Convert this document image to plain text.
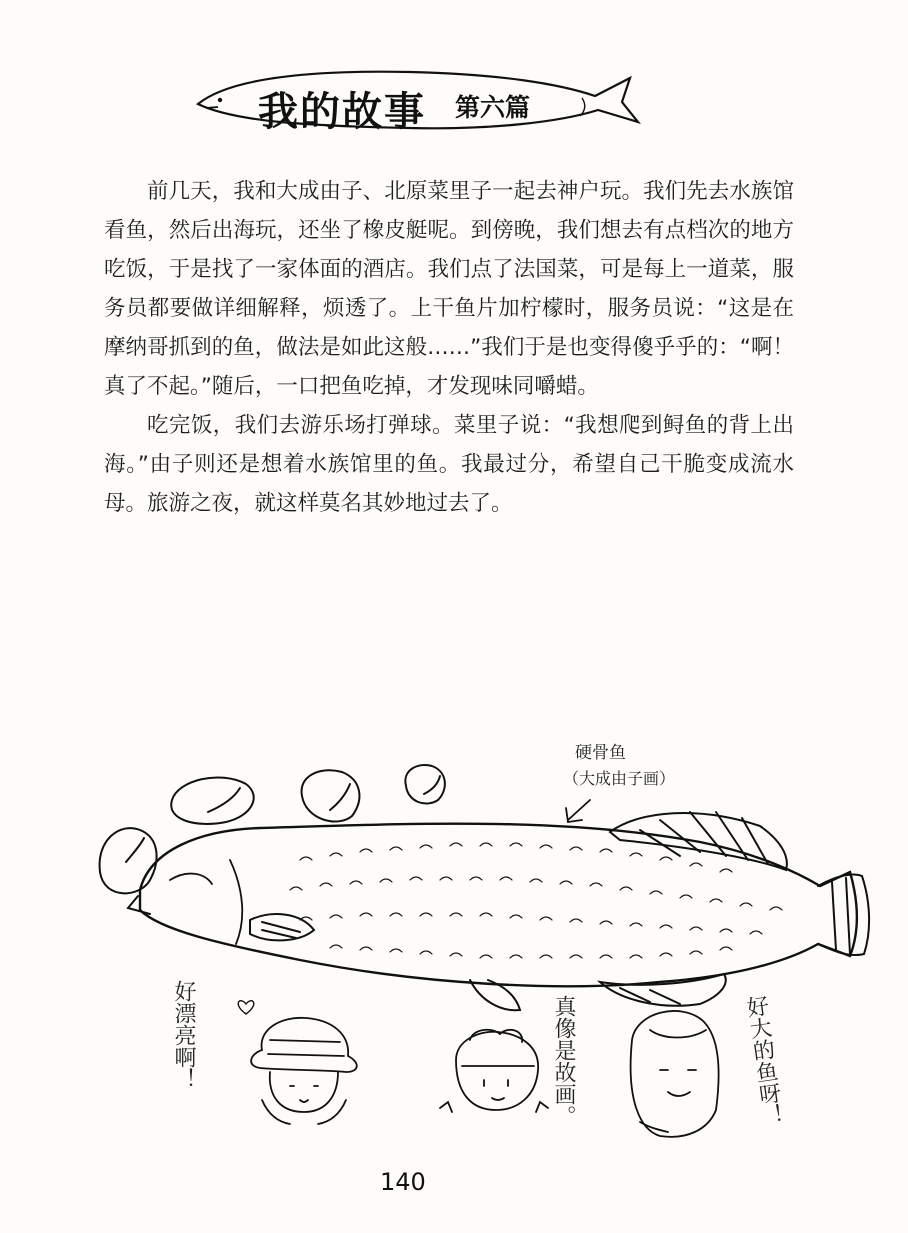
我的故事 第六篇

前几天，我和大成由子、北原菜里子一起去神户玩。我们先去水族馆看鱼，然后出海玩，还坐了橡皮艇呢。到傍晚，我们想去有点档次的地方吃饭，于是找了一家体面的酒店。我们点了法国菜，可是每上一道菜，服务员都要做详细解释，烦透了。上干鱼片加柠檬时，服务员说：“这是在摩纳哥抓到的鱼，做法是如此这般……”我们于是也变得傻乎乎的：“啊！真了不起。”随后，一口把鱼吃掉，才发现味同嚼蜡。

吃完饭，我们去游乐场打弹球。菜里子说：“我想爬到鲟鱼的背上出海。”由子则还是想着水族馆里的鱼。我最过分，希望自己干脆变成流水母。旅游之夜，就这样莫名其妙地过去了。

硬骨鱼
（大成由子画）
好漂亮啊！	真像是故画。	好大的鱼呀！
140
